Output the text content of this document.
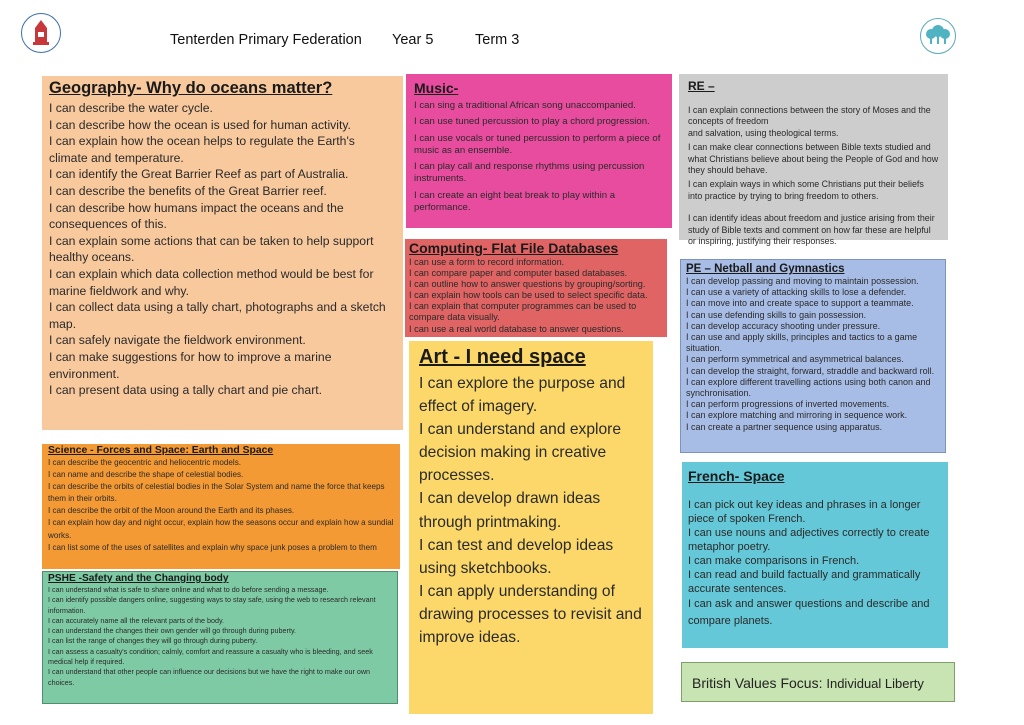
Tenterden Primary Federation Year 5	Term 3
Geography- Why do oceans matter?

I can describe the water cycle.

I can describe how the ocean is used for human activity.

I can explain how the ocean helps to regulate the Earth's climate and temperature.

I can identify the Great Barrier Reef as part of Australia.

I can describe the benefits of the Great Barrier reef.

I can describe how humans impact the oceans and the consequences of this.

I can explain some actions that can be taken to help support healthy oceans.

I can explain which data collection method would be best for marine fieldwork and why.

I can collect data using a tally chart, photographs and a sketch map.

I can safely navigate the fieldwork environment.

I can make suggestions for how to improve a marine environment.

I can present data using a tally chart and pie chart.

Music-

I can sing a traditional African song unaccompanied.

I can use tuned percussion to play a chord progression.

I can use vocals or tuned percussion to perform a piece of music as an ensemble.

I can play call and response rhythms using percussion instruments.

I can create an eight beat break to play within a performance.

RE –

I can explain connections between the story of Moses and the concepts of freedom

and salvation, using theological terms.

I can make clear connections between Bible texts studied and what Christians believe about being the People of God and how they should behave.

I can explain ways in which some Christians put their beliefs into practice by trying to bring freedom to others.

I can identify ideas about freedom and justice arising from their study of Bible texts and comment on how far these are helpful or inspiring, justifying their responses.

Computing- Flat File Databases

I can use a form to record information.

I can compare paper and computer based databases.

I can outline how to answer questions by grouping/sorting.

I can explain how tools can be used to select specific data.

I can explain that computer programmes can be used to compare data visually.

I can use a real world database to answer questions.

PE – Netball and Gymnastics

I can develop passing and moving to maintain possession.

I can use a variety of attacking skills to lose a defender.

I can move into and create space to support a teammate.

I can use defending skills to gain possession.

I can develop accuracy shooting under pressure.

I can use and apply skills, principles and tactics to a game situation.

I can perform symmetrical and asymmetrical balances.

I can develop the straight, forward, straddle and backward roll.

I can explore different travelling actions using both canon and synchronisation.

I can perform progressions of inverted movements.

I can explore matching and mirroring in sequence work.

I can create a partner sequence using apparatus.

Art - I need space

I can explore the purpose and effect of imagery.

I can understand and explore decision making in creative processes.

I can develop drawn ideas through printmaking.

I can test and develop ideas using sketchbooks.

I can apply understanding of drawing processes to revisit and improve ideas.

Science - Forces and Space: Earth and Space

I can describe the geocentric and heliocentric models.

I can name and describe the shape of celestial bodies.

I can describe the orbits of celestial bodies in the Solar System and name the force that keeps them in their orbits.

I can describe the orbit of the Moon around the Earth and its phases.

I can explain how day and night occur, explain how the seasons occur and explain how a sundial works.

I can list some of the uses of satellites and explain why space junk poses a problem to them

French- Space

I can pick out key ideas and phrases in a longer piece of spoken French.

I can use nouns and adjectives correctly to create metaphor poetry.

I can make comparisons in French.

I can read and build factually and grammatically accurate sentences.

I can ask and answer questions and describe and compare planets.

PSHE -Safety and the Changing body

I can understand what is safe to share online and what to do before sending a message.

I can identify possible dangers online, suggesting ways to stay safe, using the web to research relevant information.

I can accurately name all the relevant parts of the body.

I can understand the changes their own gender will go through during puberty.

I can list the range of changes they will go through during puberty.

I can assess a casualty's condition; calmly, comfort and reassure a casualty who is bleeding, and seek medical help if required.

I can understand that other people can influence our decisions but we have the right to make our own choices.	British Values Focus: Individual Liberty
